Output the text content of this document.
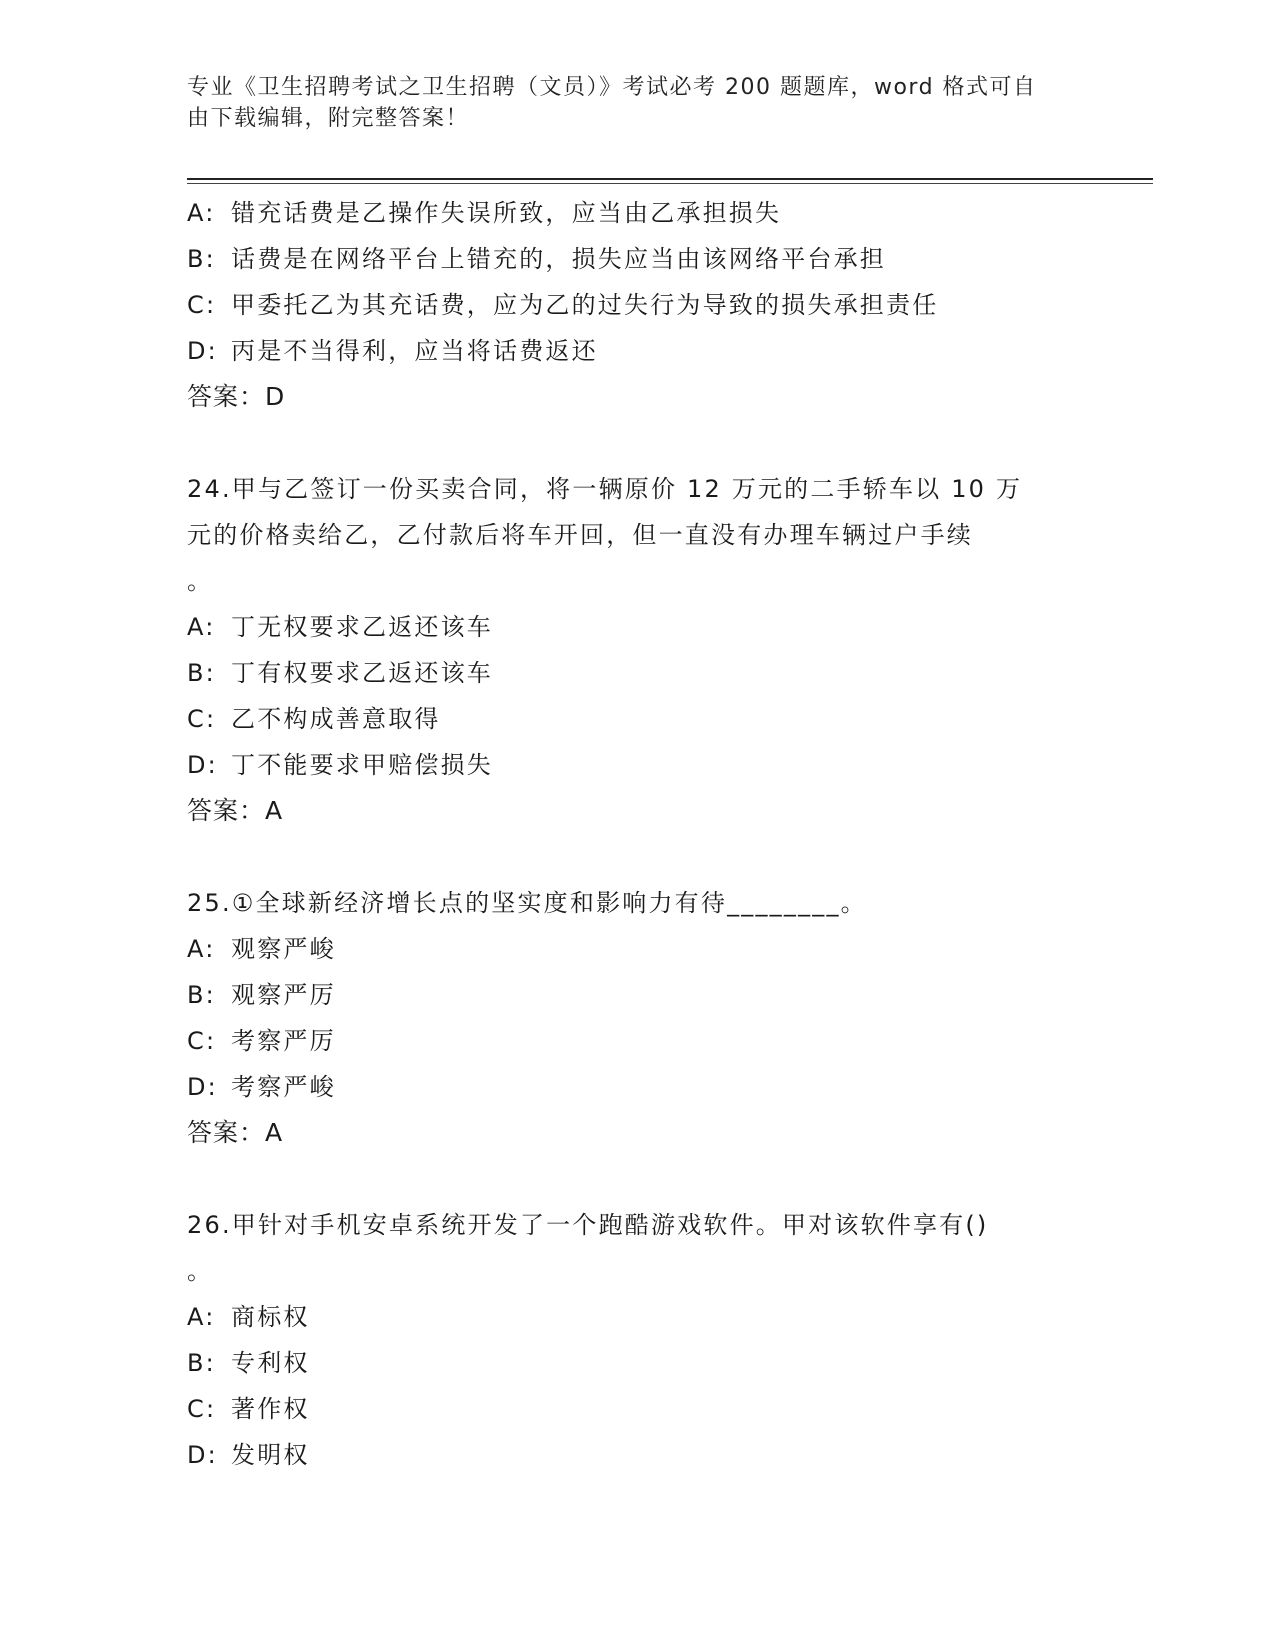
专业《卫生招聘考试之卫生招聘（文员）》考试必考 200 题题库，word 格式可自
由下载编辑，附完整答案！
A: 错充话费是乙操作失误所致，应当由乙承担损失
B: 话费是在网络平台上错充的，损失应当由该网络平台承担
C: 甲委托乙为其充话费，应为乙的过失行为导致的损失承担责任
D: 丙是不当得利，应当将话费返还
答案：D
24.甲与乙签订一份买卖合同，将一辆原价 12 万元的二手轿车以 10 万
元的价格卖给乙，乙付款后将车开回，但一直没有办理车辆过户手续
。
A: 丁无权要求乙返还该车
B: 丁有权要求乙返还该车
C: 乙不构成善意取得
D: 丁不能要求甲赔偿损失
答案：A
25.①全球新经济增长点的坚实度和影响力有待________。
A: 观察严峻
B: 观察严厉
C: 考察严厉
D: 考察严峻
答案：A
26.甲针对手机安卓系统开发了一个跑酷游戏软件。甲对该软件享有()
。
A: 商标权
B: 专利权
C: 著作权
D: 发明权
